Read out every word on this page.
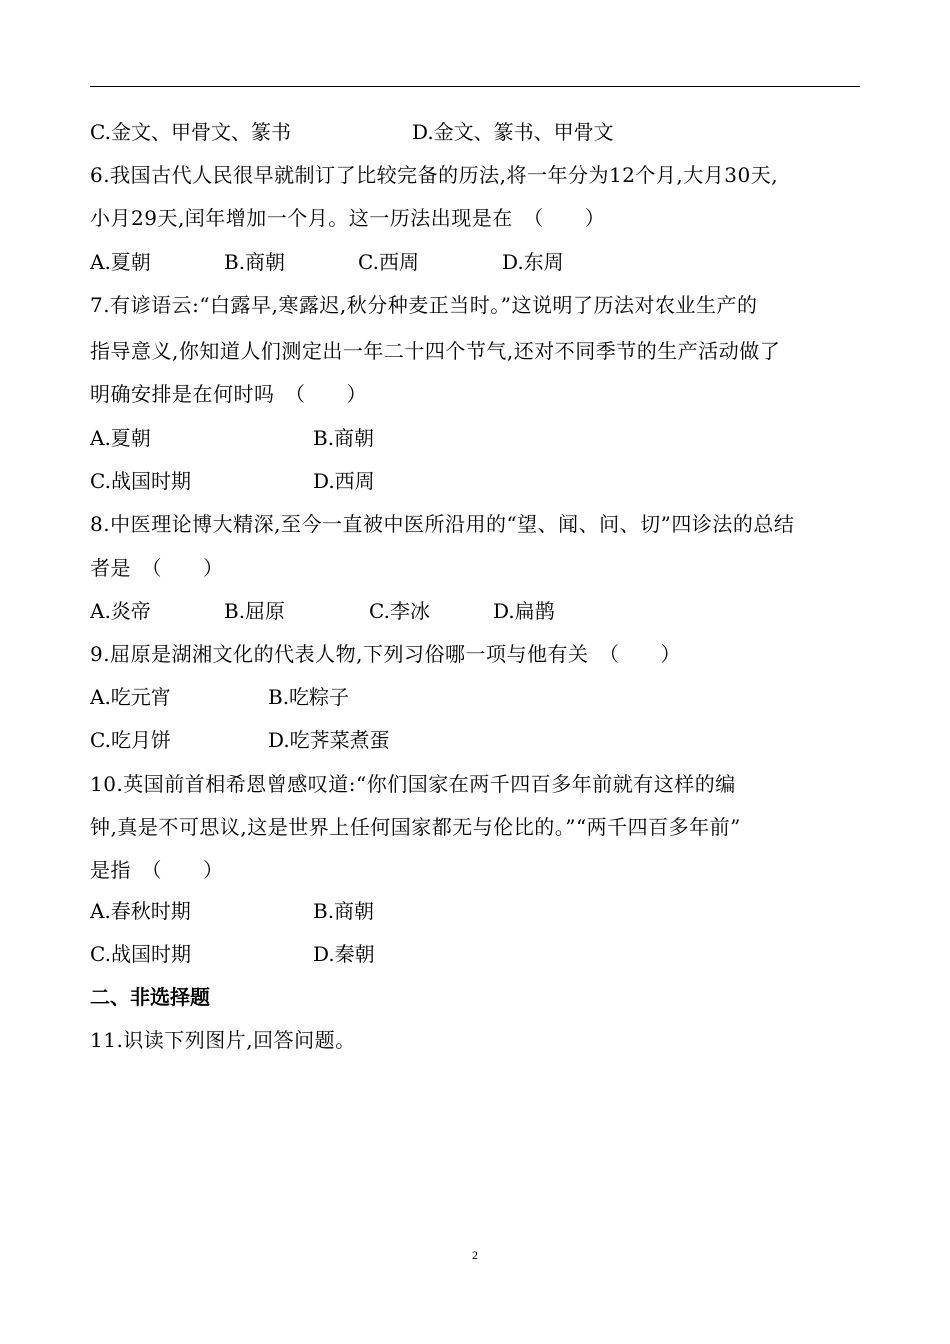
C.金文、甲骨文、篆书	D.金文、篆书、甲骨文
6.我国古代人民很早就制订了比较完备的历法,将一年分为12个月,大月30天,
小月29天,闰年增加一个月。这一历法出现是在　（　　）
A.夏朝	B.商朝	C.西周	D.东周
7.有谚语云:“白露早,寒露迟,秋分种麦正当时。”这说明了历法对农业生产的
指导意义,你知道人们测定出一年二十四个节气,还对不同季节的生产活动做了
明确安排是在何时吗　（　　）
A.夏朝	B.商朝
C.战国时期	D.西周
8.中医理论博大精深,至今一直被中医所沿用的“望、闻、问、切”四诊法的总结
者是　（　　）
A.炎帝	B.屈原	C.李冰	D.扁鹊
9.屈原是湖湘文化的代表人物,下列习俗哪一项与他有关　（　　）
A.吃元宵	B.吃粽子
C.吃月饼	D.吃荠菜煮蛋
10.英国前首相希恩曾感叹道:“你们国家在两千四百多年前就有这样的编
钟,真是不可思议,这是世界上任何国家都无与伦比的。”“两千四百多年前”
是指　（　　）
A.春秋时期	B.商朝
C.战国时期	D.秦朝
二、非选择题
11.识读下列图片,回答问题。
2
